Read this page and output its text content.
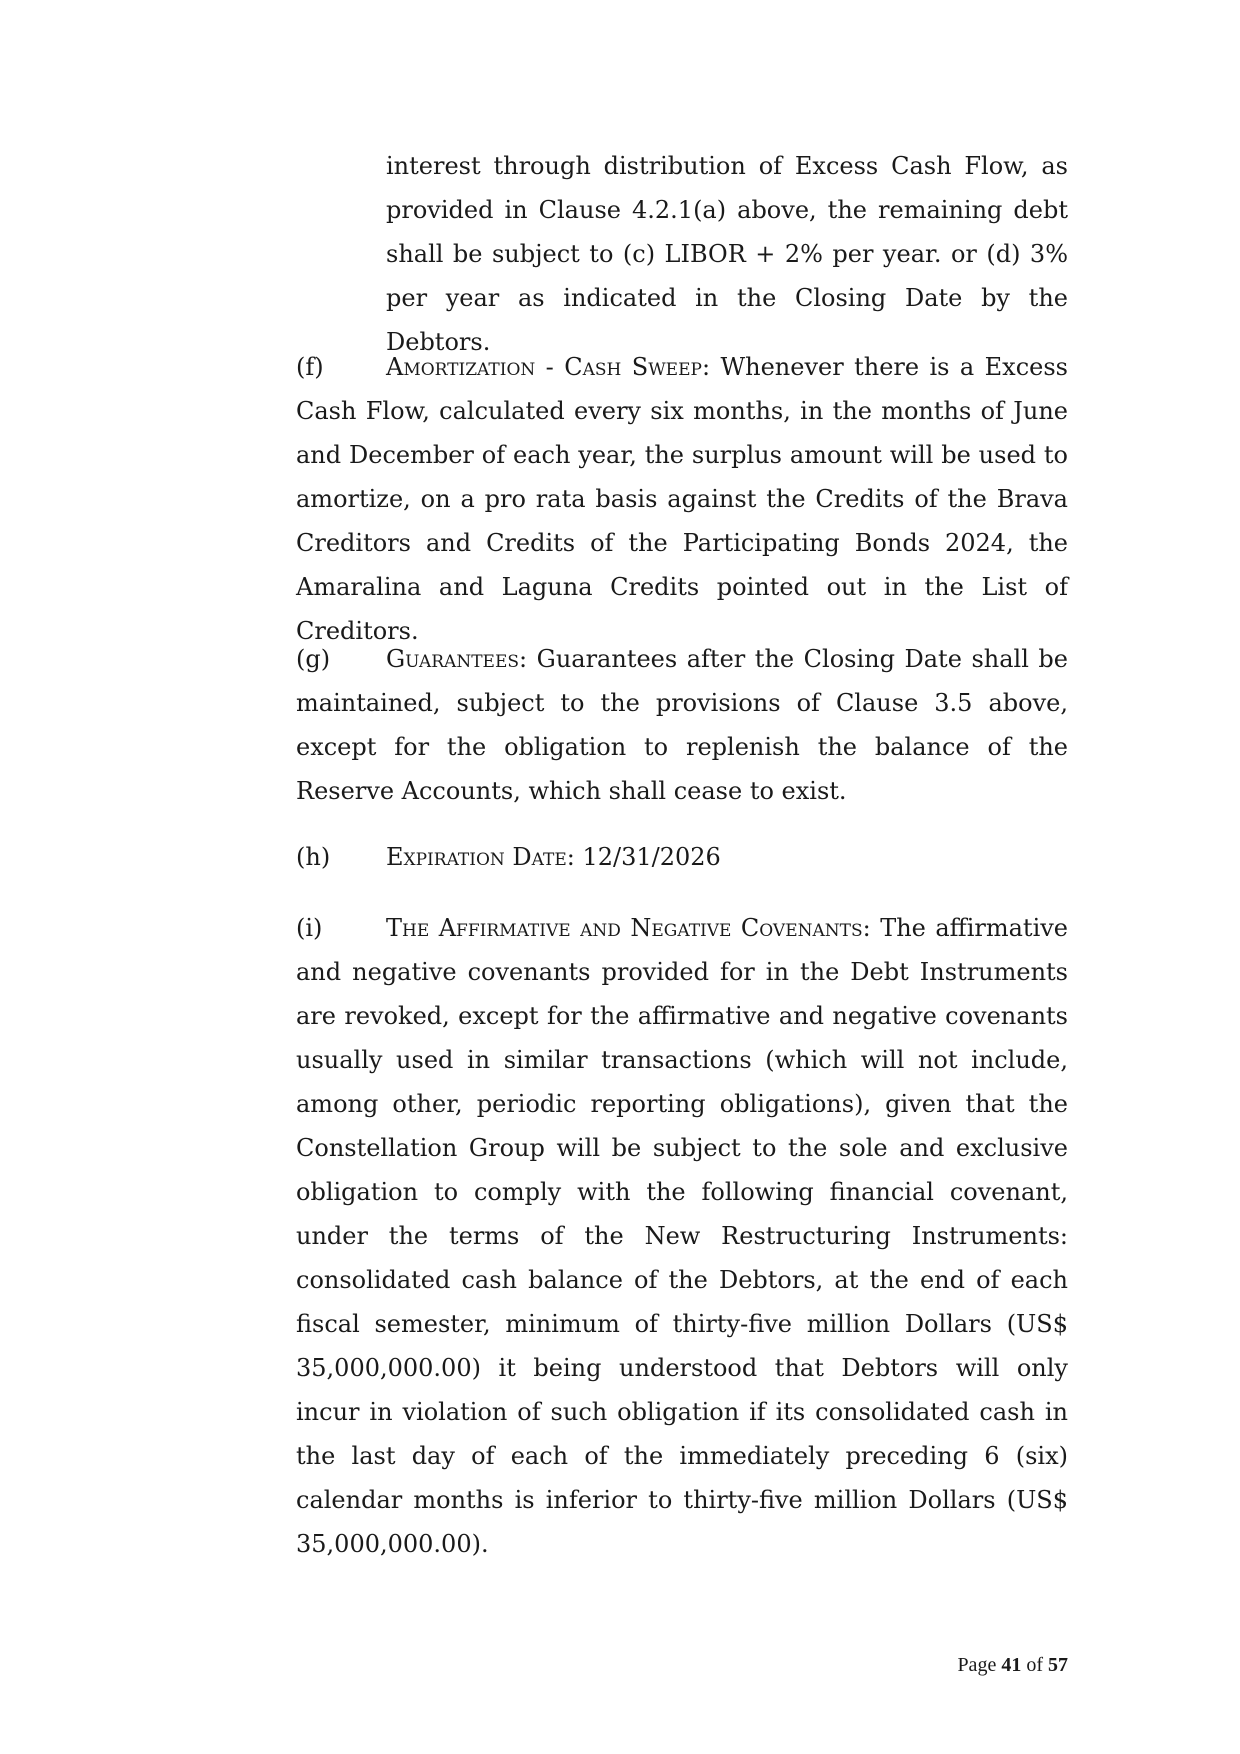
interest through distribution of Excess Cash Flow, as provided in Clause 4.2.1(a) above, the remaining debt shall be subject to (c) LIBOR + 2% per year. or (d) 3% per year as indicated in the Closing Date by the Debtors.

(f)	Amortization - Cash Sweep: Whenever there is a Excess Cash Flow, calculated every six months, in the months of June and December of each year, the surplus amount will be used to amortize, on a pro rata basis against the Credits of the Brava Creditors and Credits of the Participating Bonds 2024, the Amaralina and Laguna Credits pointed out in the List of Creditors.

(g) Guarantees: Guarantees after the Closing Date shall be maintained, subject to the provisions of Clause 3.5 above, except for the obligation to replenish the balance of the Reserve Accounts, which shall cease to exist.

(h) Expiration Date: 12/31/2026

(i)	The Affirmative and Negative Covenants: The affirmative and negative covenants provided for in the Debt Instruments are revoked, except for the affirmative and negative covenants usually used in similar transactions (which will not include, among other, periodic reporting obligations), given that the Constellation Group will be subject to the sole and exclusive obligation to comply with the following financial covenant, under the terms of the New Restructuring Instruments: consolidated cash balance of the Debtors, at the end of each fiscal semester, minimum of thirty-five million Dollars (US$ 35,000,000.00) it being understood that Debtors will only incur in violation of such obligation if its consolidated cash in the last day of each of the immediately preceding 6 (six) calendar months is inferior to thirty-five million Dollars (US$ 35,000,000.00).

Page 41 of 57
